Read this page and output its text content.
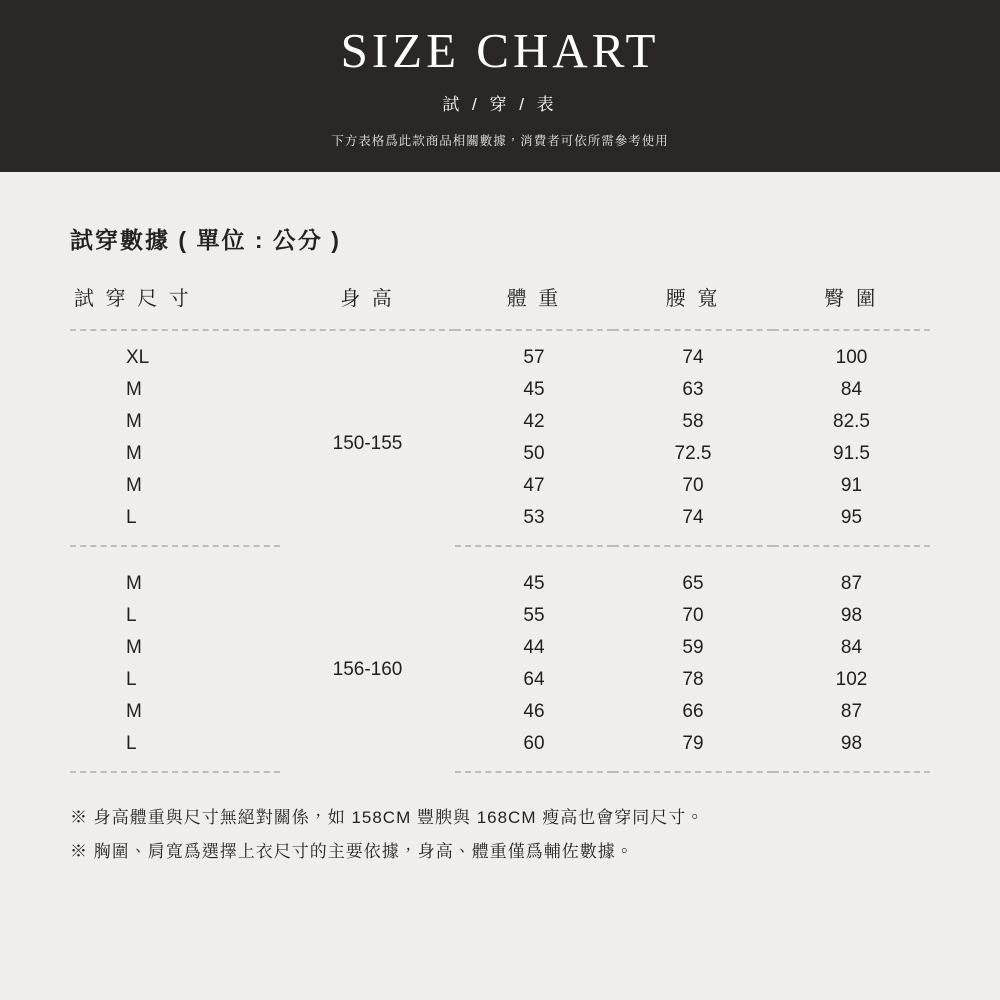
SIZE CHART
試 / 穿 / 表
下方表格爲此款商品相關數據，消費者可依所需參考使用
試穿數據 ( 單位 : 公分 )
試 穿 尺 寸	身 高	體 重	腰 寬	臀 圍
XL	150-155	57	74	100
M		45	63	84
M		42	58	82.5
M		50	72.5	91.5
M		47	70	91
L		53	74	95

M	156-160	45	65	87
L		55	70	98
M		44	59	84
L		64	78	102
M		46	66	87
L		60	79	98
※ 身高體重與尺寸無絕對關係，如 158CM 豐腴與 168CM 瘦高也會穿同尺寸。
※ 胸圍、肩寬爲選擇上衣尺寸的主要依據，身高、體重僅爲輔佐數據。
